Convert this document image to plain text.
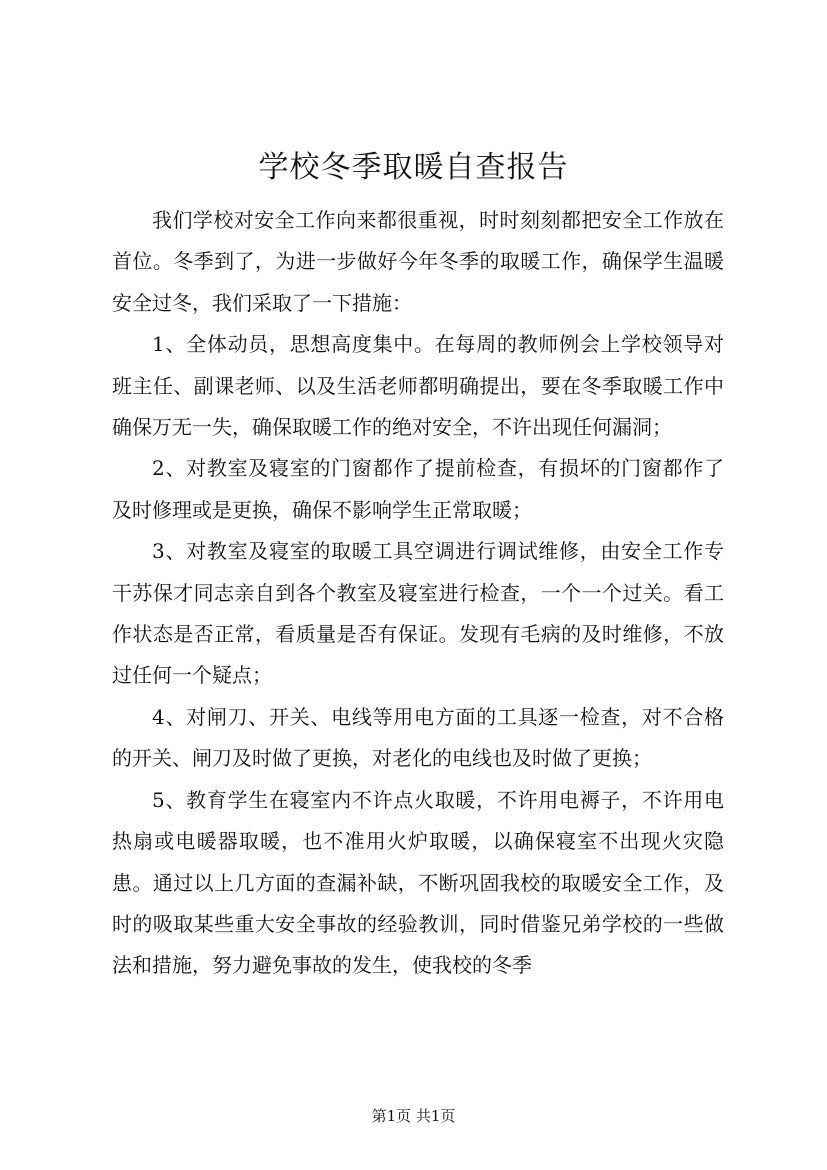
学校冬季取暖自查报告

我们学校对安全工作向来都很重视，时时刻刻都把安全工作放在首位。冬季到了，为进一步做好今年冬季的取暖工作，确保学生温暖安全过冬，我们采取了一下措施：

1、全体动员，思想高度集中。在每周的教师例会上学校领导对班主任、副课老师、以及生活老师都明确提出，要在冬季取暖工作中确保万无一失，确保取暖工作的绝对安全，不许出现任何漏洞；

2、对教室及寝室的门窗都作了提前检查，有损坏的门窗都作了及时修理或是更换，确保不影响学生正常取暖；

3、对教室及寝室的取暖工具空调进行调试维修，由安全工作专干苏保才同志亲自到各个教室及寝室进行检查，一个一个过关。看工作状态是否正常，看质量是否有保证。发现有毛病的及时维修，不放过任何一个疑点；

4、对闸刀、开关、电线等用电方面的工具逐一检查，对不合格的开关、闸刀及时做了更换，对老化的电线也及时做了更换；

5、教育学生在寝室内不许点火取暖，不许用电褥子，不许用电热扇或电暖器取暖，也不准用火炉取暖，以确保寝室不出现火灾隐患。通过以上几方面的查漏补缺，不断巩固我校的取暖安全工作，及时的吸取某些重大安全事故的经验教训，同时借鉴兄弟学校的一些做法和措施，努力避免事故的发生，使我校的冬季

第1页 共1页
